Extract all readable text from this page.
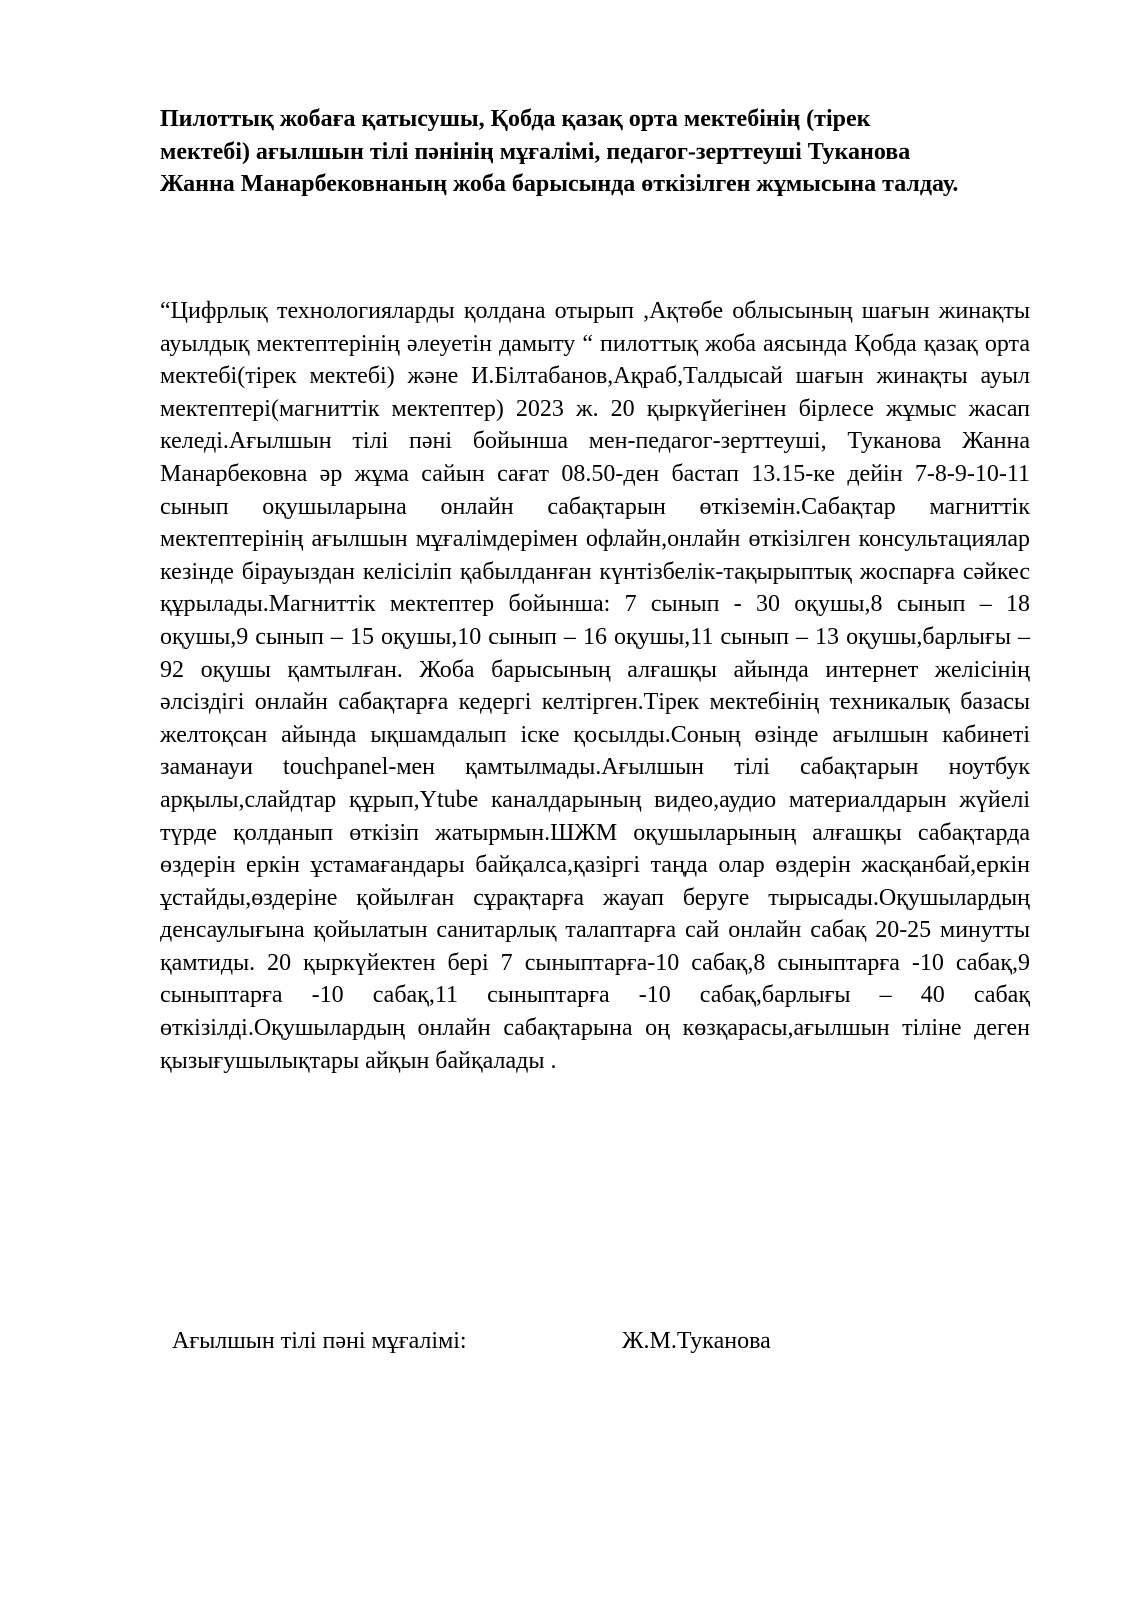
Пилоттық жобаға қатысушы, Қобда қазақ орта мектебінің (тірек мектебі) ағылшын тілі пәнінің мұғалімі, педагог-зерттеуші Туканова Жанна Манарбековнаның жоба барысында өткізілген жұмысына талдау.

“Цифрлық технологияларды қолдана отырып ,Ақтөбе облысының шағын жинақты ауылдық мектептерінің әлеуетін дамыту “ пилоттық жоба аясында Қобда қазақ орта мектебі(тірек мектебі) және И.Білтабанов,Ақраб,Талдысай шағын жинақты ауыл мектептері(магниттік мектептер) 2023 ж. 20 қыркүйегінен бірлесе жұмыс жасап келеді.Ағылшын тілі пәні бойынша мен-педагог-зерттеуші, Туканова Жанна Манарбековна әр жұма сайын сағат 08.50-ден бастап 13.15-ке дейін 7-8-9-10-11 сынып оқушыларына онлайн сабақтарын өткіземін.Сабақтар магниттік мектептерінің ағылшын мұғалімдерімен офлайн,онлайн өткізілген консультациялар кезінде бірауыздан келісіліп қабылданған күнтізбелік-тақырыптық жоспарға сәйкес құрылады.Магниттік мектептер бойынша: 7 сынып - 30 оқушы,8 сынып – 18 оқушы,9 сынып – 15 оқушы,10 сынып – 16 оқушы,11 сынып – 13 оқушы,барлығы – 92 оқушы қамтылған. Жоба барысының алғашқы айында интернет желісінің әлсіздігі онлайн сабақтарға кедергі келтірген.Тірек мектебінің техникалық базасы желтоқсан айында ықшамдалып іске қосылды.Соның өзінде ағылшын кабинеті заманауи touchpanel-мен қамтылмады.Ағылшын тілі сабақтарын ноутбук арқылы,слайдтар құрып,Ytube каналдарының видео,аудио материалдарын жүйелі түрде қолданып өткізіп жатырмын.ШЖМ оқушыларының алғашқы сабақтарда өздерін еркін ұстамағандары байқалса,қазіргі таңда олар өздерін жасқанбай,еркін ұстайды,өздеріне қойылған сұрақтарға жауап беруге тырысады.Оқушылардың денсаулығына қойылатын санитарлық талаптарға сай онлайн сабақ 20-25 минутты қамтиды. 20 қыркүйектен бері 7 сыныптарға-10 сабақ,8 сыныптарға -10 сабақ,9 сыныптарға -10 сабақ,11 сыныптарға -10 сабақ,барлығы – 40 сабақ өткізілді.Оқушылардың онлайн сабақтарына оң көзқарасы,ағылшын тіліне деген қызығушылықтары айқын байқалады .

Ағылшын тілі пәні мұғалімі:	Ж.М.Туканова
